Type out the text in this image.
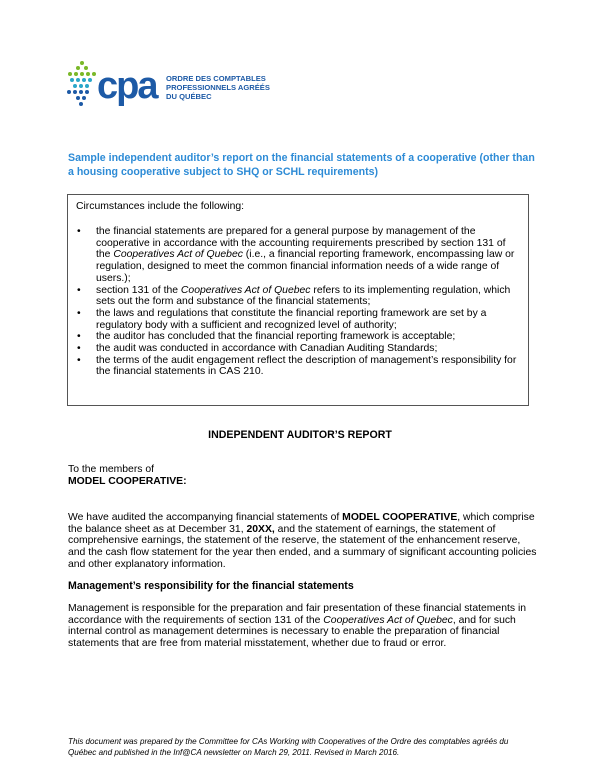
cpa ORDRE DES COMPTABLES
PROFESSIONNELS AGRÉÉS
DU QUÉBEC
Sample independent auditor’s report on the financial statements of a cooperative (other than a housing cooperative subject to SHQ or SCHL requirements)
Circumstances include the following:
• the financial statements are prepared for a general purpose by management of the cooperative in accordance with the accounting requirements prescribed by section 131 of the Cooperatives Act of Quebec (i.e., a financial reporting framework, encompassing law or regulation, designed to meet the common financial information needs of a wide range of users.);
• section 131 of the Cooperatives Act of Quebec refers to its implementing regulation, which sets out the form and substance of the financial statements;
• the laws and regulations that constitute the financial reporting framework are set by a regulatory body with a sufficient and recognized level of authority;
• the auditor has concluded that the financial reporting framework is acceptable;
• the audit was conducted in accordance with Canadian Auditing Standards;
• the terms of the audit engagement reflect the description of management’s responsibility for the financial statements in CAS 210.
INDEPENDENT AUDITOR’S REPORT
To the members of
MODEL COOPERATIVE:
We have audited the accompanying financial statements of MODEL COOPERATIVE, which comprise the balance sheet as at December 31, 20XX, and the statement of earnings, the statement of comprehensive earnings, the statement of the reserve, the statement of the enhancement reserve, and the cash flow statement for the year then ended, and a summary of significant accounting policies and other explanatory information.
Management’s responsibility for the financial statements
Management is responsible for the preparation and fair presentation of these financial statements in accordance with the requirements of section 131 of the Cooperatives Act of Quebec, and for such internal control as management determines is necessary to enable the preparation of financial statements that are free from material misstatement, whether due to fraud or error.
This document was prepared by the Committee for CAs Working with Cooperatives of the Ordre des comptables agréés du Québec and published in the Inf@CA newsletter on March 29, 2011. Revised in March 2016.
